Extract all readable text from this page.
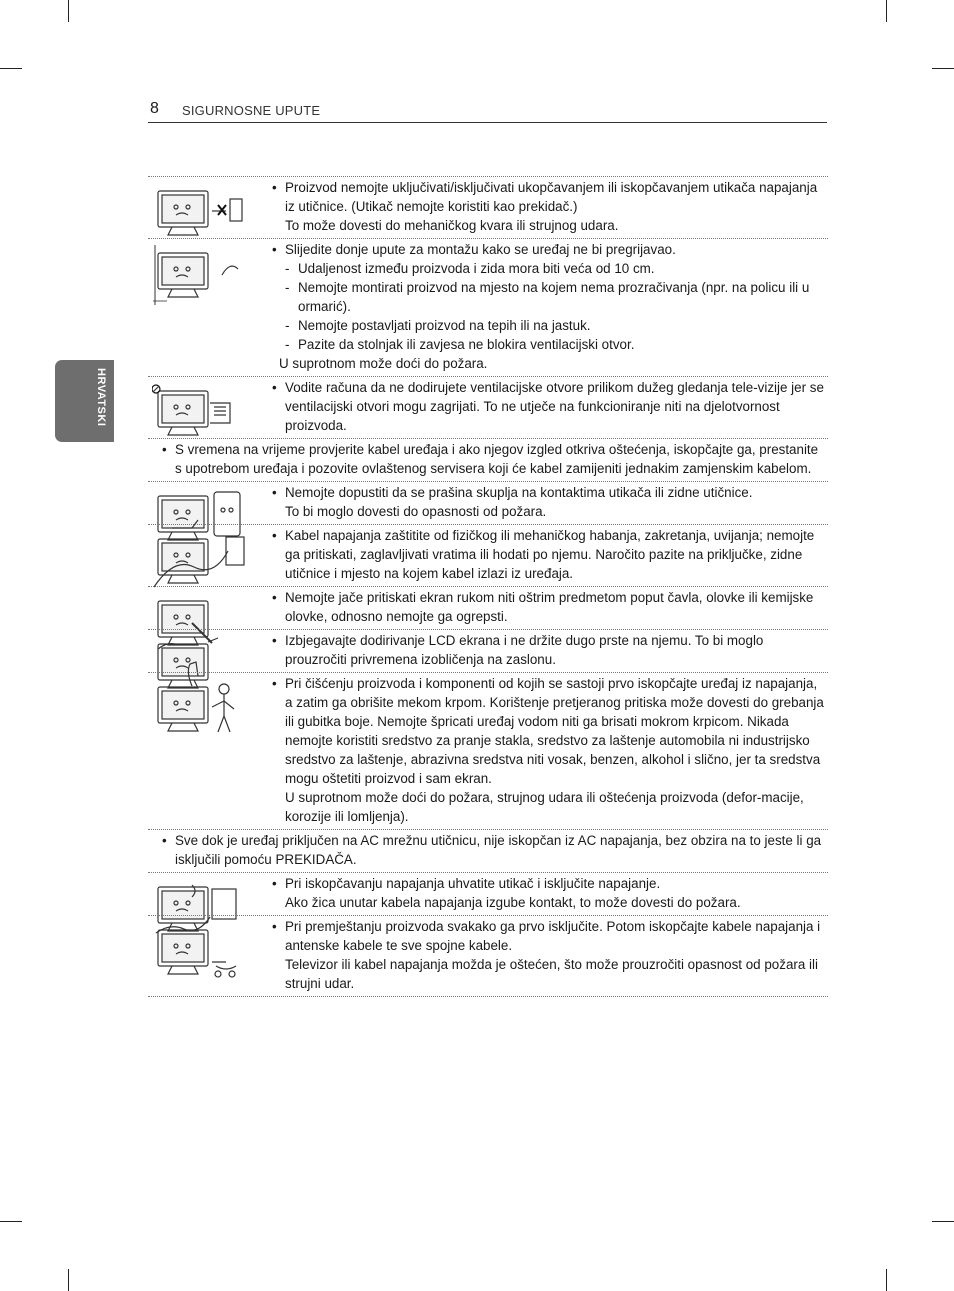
8 SIGURNOSNE UPUTE
HRVATSKI
• Proizvod nemojte uključivati/isključivati ukopčavanjem ili iskopčavanjem utikača napajanja iz utičnice. (Utikač nemojte koristiti kao prekidač.)
To može dovesti do mehaničkog kvara ili strujnog udara.
• Slijedite donje upute za montažu kako se uređaj ne bi pregrijavao.
- Udaljenost između proizvoda i zida mora biti veća od 10 cm.
- Nemojte montirati proizvod na mjesto na kojem nema prozračivanja (npr. na policu ili u ormarić).
- Nemojte postavljati proizvod na tepih ili na jastuk.
- Pazite da stolnjak ili zavjesa ne blokira ventilacijski otvor.
U suprotnom može doći do požara.
• Vodite računa da ne dodirujete ventilacijske otvore prilikom dužeg gledanja tele-vizije jer se ventilacijski otvori mogu zagrijati. To ne utječe na funkcioniranje niti na djelotvornost proizvoda.
• S vremena na vrijeme provjerite kabel uređaja i ako njegov izgled otkriva oštećenja, iskopčajte ga, prestanite s upotrebom uređaja i pozovite ovlaštenog servisera koji će kabel zamijeniti jednakim zamjenskim kabelom.
• Nemojte dopustiti da se prašina skuplja na kontaktima utikača ili zidne utičnice.
To bi moglo dovesti do opasnosti od požara.
• Kabel napajanja zaštitite od fizičkog ili mehaničkog habanja, zakretanja, uvijanja; nemojte ga pritiskati, zaglavljivati vratima ili hodati po njemu. Naročito pazite na priključke, zidne utičnice i mjesto na kojem kabel izlazi iz uređaja.
• Nemojte jače pritiskati ekran rukom niti oštrim predmetom poput čavla, olovke ili kemijske olovke, odnosno nemojte ga ogrepsti.
• Izbjegavajte dodirivanje LCD ekrana i ne držite dugo prste na njemu. To bi moglo prouzročiti privremena izobličenja na zaslonu.
• Pri čišćenju proizvoda i komponenti od kojih se sastoji prvo iskopčajte uređaj iz napajanja, a zatim ga obrišite mekom krpom. Korištenje pretjeranog pritiska može dovesti do grebanja ili gubitka boje. Nemojte špricati uređaj vodom niti ga brisati mokrom krpicom. Nikada nemojte koristiti sredstvo za pranje stakla, sredstvo za laštenje automobila ni industrijsko sredstvo za laštenje, abrazivna sredstva niti vosak, benzen, alkohol i slično, jer ta sredstva mogu oštetiti proizvod i sam ekran.
U suprotnom može doći do požara, strujnog udara ili oštećenja proizvoda (defor-macije, korozije ili lomljenja).
• Sve dok je uređaj priključen na AC mrežnu utičnicu, nije iskopčan iz AC napajanja, bez obzira na to jeste li ga isključili pomoću PREKIDAČA.
• Pri iskopčavanju napajanja uhvatite utikač i isključite napajanje.
Ako žica unutar kabela napajanja izgube kontakt, to može dovesti do požara.
• Pri premještanju proizvoda svakako ga prvo isključite. Potom iskopčajte kabele napajanja i antenske kabele te sve spojne kabele.
Televizor ili kabel napajanja možda je oštećen, što može prouzročiti opasnost od požara ili strujni udar.
